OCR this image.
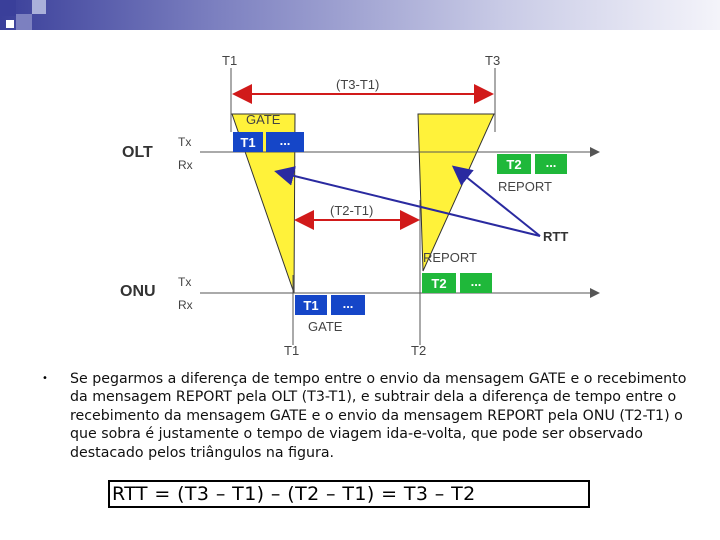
T1 ...
T2 ...
T2 ...
T1 ...
T1	T3
(T3-T1)
GATE
OLT
Tx
Rx
REPORT
(T2-T1)
RTT
REPORT
ONU
Tx
Rx
GATE
T1	T2
• Se pegarmos a diferença de tempo entre o envio da mensagem GATE e o recebimento da mensagem REPORT pela OLT (T3-T1), e subtrair dela a diferença de tempo entre o recebimento da mensagem GATE e o envio da mensagem REPORT pela ONU (T2-T1) o que sobra é justamente o tempo de viagem ida-e-volta, que pode ser observado destacado pelos triângulos na figura.

RTT = (T3 – T1) – (T2 – T1) = T3 – T2
